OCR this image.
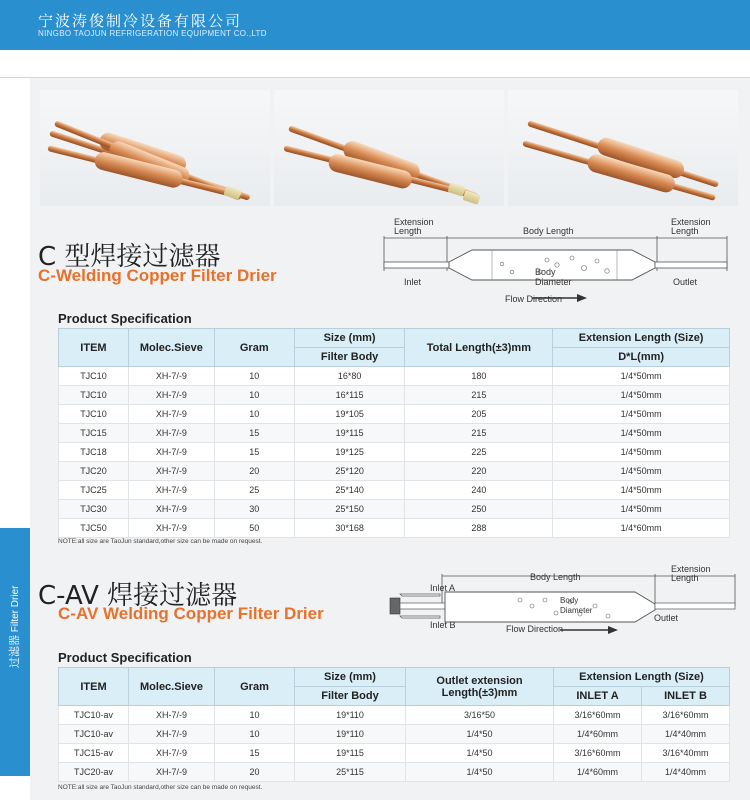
宁波涛俊制冷设备有限公司
NINGBO TAOJUN REFRIGERATION EQUIPMENT CO.,LTD
过滤器 Filter Drier
C 型焊接过滤器
C-Welding Copper Filter Drier
Extension Length	Body Length
Extension Length
Inlet
Body Diameter	Outlet
Flow Direction
Product Specification
ITEM	Molec.Sieve	Gram	Size (mm)	Total Length(±3)mm	Extension Length (Size)
			Filter Body		D*L(mm)
TJC10	XH-7/-9	10	16*80	180	1/4*50mm
TJC10	XH-7/-9	10	16*115	215	1/4*50mm
TJC10	XH-7/-9	10	19*105	205	1/4*50mm
TJC15	XH-7/-9	15	19*115	215	1/4*50mm
TJC18	XH-7/-9	15	19*125	225	1/4*50mm
TJC20	XH-7/-9	20	25*120	220	1/4*50mm
TJC25	XH-7/-9	25	25*140	240	1/4*50mm
TJC30	XH-7/-9	30	25*150	250	1/4*50mm
TJC50	XH-7/-9	50	30*168	288	1/4*60mm
NOTE:all size are TaoJun standard,other size can be made on request.
C-AV 焊接过滤器
C-AV Welding Copper Filter Drier
Inlet A
Body Length
Extension Length
Body Diameter
Inlet B	Flow Direction
Outlet
Product Specification
ITEM	Molec.Sieve	Gram	Size (mm)	Outlet extension Length(±3)mm	Extension Length (Size)	
			Filter Body		INLET A	INLET B
TJC10-av	XH-7/-9	10	19*110	3/16*50	3/16*60mm	3/16*60mm
TJC10-av	XH-7/-9	10	19*110	1/4*50	1/4*60mm	1/4*40mm
TJC15-av	XH-7/-9	15	19*115	1/4*50	3/16*60mm	3/16*40mm
TJC20-av	XH-7/-9	20	25*115	1/4*50	1/4*60mm	1/4*40mm
NOTE:all size are TaoJun standard,other size can be made on request.
